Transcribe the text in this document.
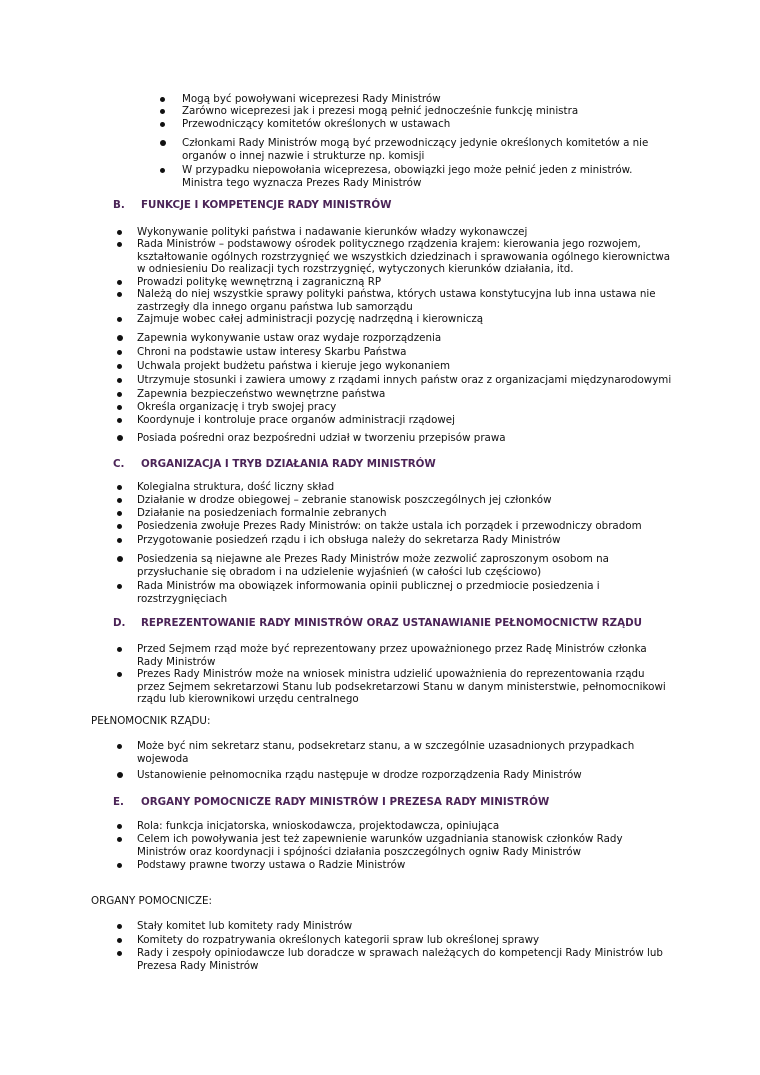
Mogą być powoływani wiceprezesi Rady Ministrów
Zarówno wiceprezesi jak i prezesi mogą pełnić jednocześnie funkcję ministra
Przewodniczący komitetów określonych w ustawach
Członkami Rady Ministrów mogą być przewodniczący jedynie określonych komitetów a nie
organów o innej nazwie i strukturze np. komisji
W przypadku niepowołania wiceprezesa, obowiązki jego może pełnić jeden z ministrów.
Ministra tego wyznacza Prezes Rady Ministrów
B. FUNKCJE I KOMPETENCJE RADY MINISTRÓW
Wykonywanie polityki państwa i nadawanie kierunków władzy wykonawczej
Rada Ministrów – podstawowy ośrodek politycznego rządzenia krajem: kierowania jego rozwojem,
kształtowanie ogólnych rozstrzygnięć we wszystkich dziedzinach i sprawowania ogólnego kierownictwa
w odniesieniu Do realizacji tych rozstrzygnięć, wytyczonych kierunków działania, itd.
Prowadzi politykę wewnętrzną i zagraniczną RP
Należą do niej wszystkie sprawy polityki państwa, których ustawa konstytucyjna lub inna ustawa nie
zastrzegły dla innego organu państwa lub samorządu
Zajmuje wobec całej administracji pozycję nadrzędną i kierowniczą
Zapewnia wykonywanie ustaw oraz wydaje rozporządzenia
Chroni na podstawie ustaw interesy Skarbu Państwa
Uchwala projekt budżetu państwa i kieruje jego wykonaniem
Utrzymuje stosunki i zawiera umowy z rządami innych państw oraz z organizacjami międzynarodowymi
Zapewnia bezpieczeństwo wewnętrzne państwa
Określa organizację i tryb swojej pracy
Koordynuje i kontroluje prace organów administracji rządowej
Posiada pośredni oraz bezpośredni udział w tworzeniu przepisów prawa
C. ORGANIZACJA I TRYB DZIAŁANIA RADY MINISTRÓW
Kolegialna struktura, dość liczny skład
Działanie w drodze obiegowej – zebranie stanowisk poszczególnych jej członków
Działanie na posiedzeniach formalnie zebranych
Posiedzenia zwołuje Prezes Rady Ministrów: on także ustala ich porządek i przewodniczy obradom
Przygotowanie posiedzeń rządu i ich obsługa należy do sekretarza Rady Ministrów
Posiedzenia są niejawne ale Prezes Rady Ministrów może zezwolić zaproszonym osobom na
przysłuchanie się obradom i na udzielenie wyjaśnień (w całości lub częściowo)
Rada Ministrów ma obowiązek informowania opinii publicznej o przedmiocie posiedzenia i
rozstrzygnięciach
D. REPREZENTOWANIE RADY MINISTRÓW ORAZ USTANAWIANIE PEŁNOMOCNICTW RZĄDU
Przed Sejmem rząd może być reprezentowany przez upoważnionego przez Radę Ministrów członka
Rady Ministrów
Prezes Rady Ministrów może na wniosek ministra udzielić upoważnienia do reprezentowania rządu
przez Sejmem sekretarzowi Stanu lub podsekretarzowi Stanu w danym ministerstwie, pełnomocnikowi
rządu lub kierownikowi urzędu centralnego
PEŁNOMOCNIK RZĄDU:
Może być nim sekretarz stanu, podsekretarz stanu, a w szczególnie uzasadnionych przypadkach
wojewoda
Ustanowienie pełnomocnika rządu następuje w drodze rozporządzenia Rady Ministrów
E. ORGANY POMOCNICZE RADY MINISTRÓW I PREZESA RADY MINISTRÓW
Rola: funkcja inicjatorska, wnioskodawcza, projektodawcza, opiniująca
Celem ich powoływania jest też zapewnienie warunków uzgadniania stanowisk członków Rady
Ministrów oraz koordynacji i spójności działania poszczególnych ogniw Rady Ministrów
Podstawy prawne tworzy ustawa o Radzie Ministrów
ORGANY POMOCNICZE:
Stały komitet lub komitety rady Ministrów
Komitety do rozpatrywania określonych kategorii spraw lub określonej sprawy
Rady i zespoły opiniodawcze lub doradcze w sprawach należących do kompetencji Rady Ministrów lub
Prezesa Rady Ministrów
